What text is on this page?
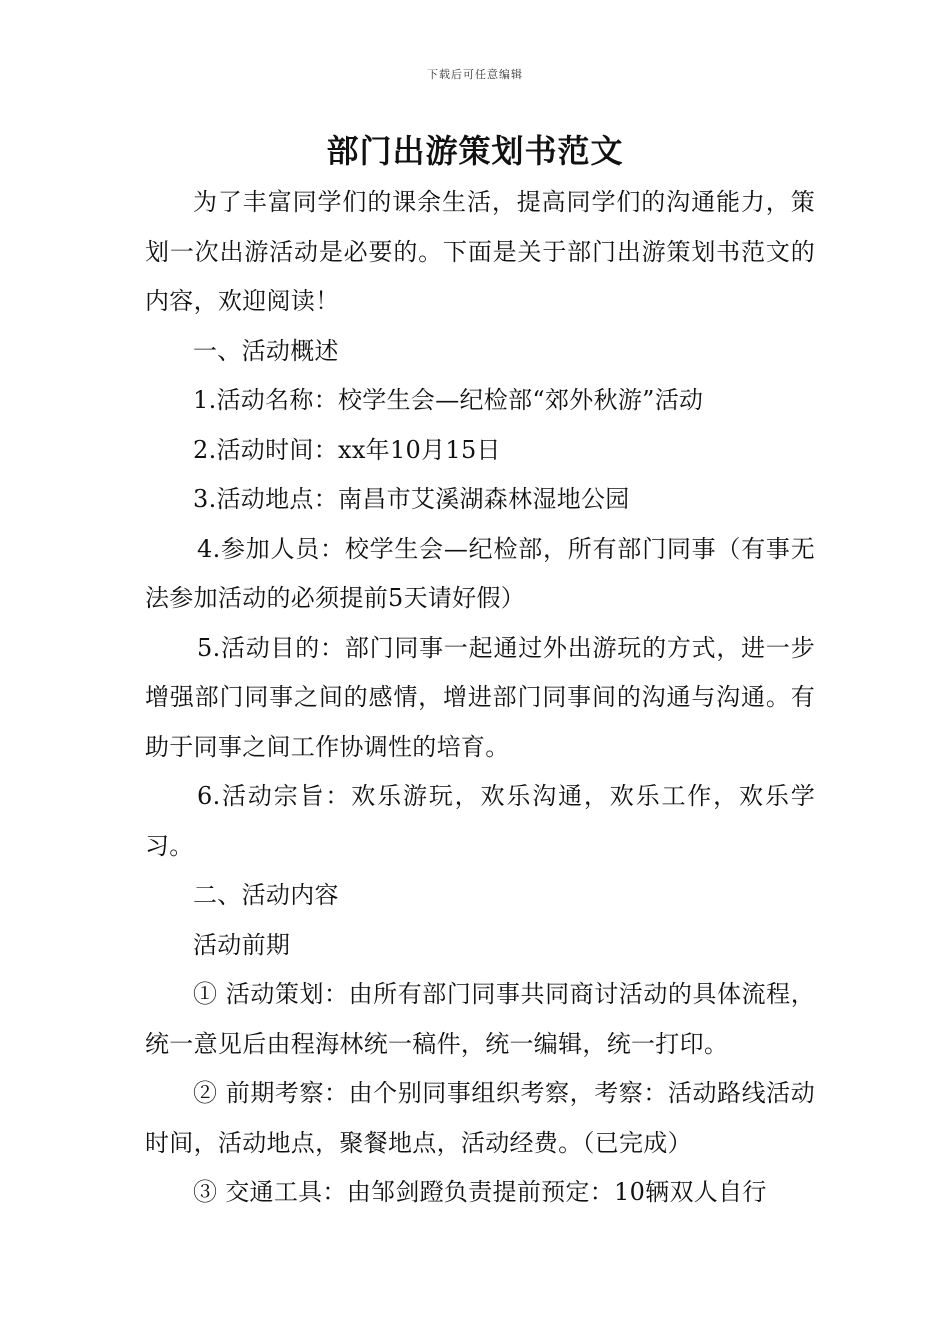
下载后可任意编辑
部门出游策划书范文

为了丰富同学们的课余生活，提高同学们的沟通能力，策划一次出游活动是必要的。下面是关于部门出游策划书范文的内容，欢迎阅读！

一、活动概述

1.活动名称：校学生会—纪检部“郊外秋游”活动

2.活动时间：xx年10月15日

3.活动地点：南昌市艾溪湖森林湿地公园

4.参加人员：校学生会—纪检部，所有部门同事（有事无法参加活动的必须提前5天请好假）

5.活动目的：部门同事一起通过外出游玩的方式，进一步增强部门同事之间的感情，增进部门同事间的沟通与沟通。有助于同事之间工作协调性的培育。

6.活动宗旨：欢乐游玩，欢乐沟通，欢乐工作，欢乐学习。

二、活动内容

活动前期

① 活动策划：由所有部门同事共同商讨活动的具体流程，统一意见后由程海林统一稿件，统一编辑，统一打印。

② 前期考察：由个别同事组织考察，考察：活动路线活动时间，活动地点，聚餐地点，活动经费。（已完成）

③ 交通工具：由邹剑蹬负责提前预定：10辆双人自行
